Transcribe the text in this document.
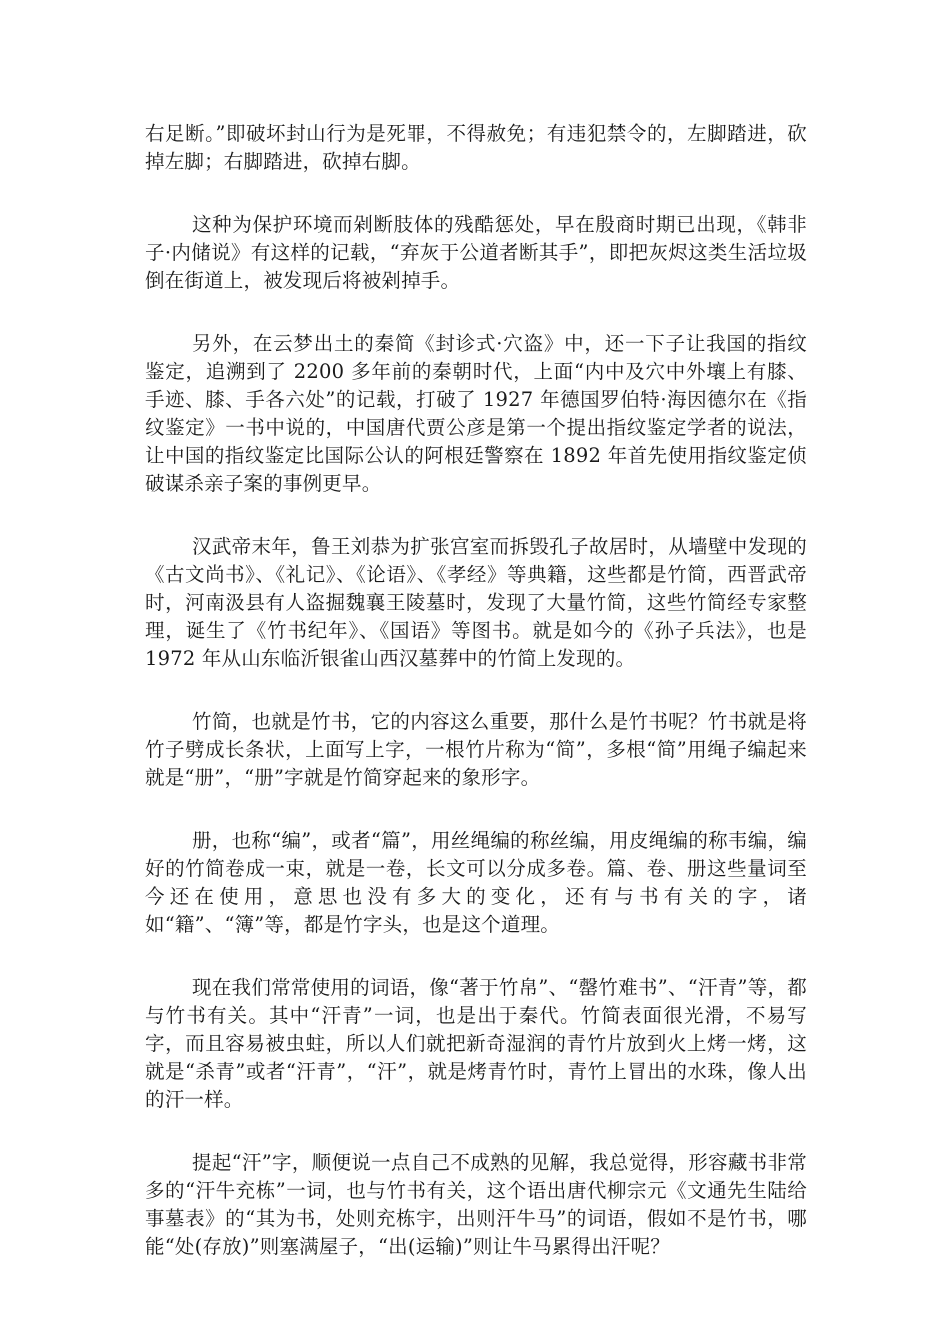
右足断。”即破坏封山行为是死罪，不得赦免；有违犯禁令的，左脚踏进，砍掉左脚；右脚踏进，砍掉右脚。

这种为保护环境而剁断肢体的残酷惩处，早在殷商时期已出现，《韩非子·内储说》有这样的记载，“弃灰于公道者断其手”，即把灰烬这类生活垃圾倒在街道上，被发现后将被剁掉手。

另外，在云梦出土的秦简《封诊式·穴盗》中，还一下子让我国的指纹鉴定，追溯到了 2200 多年前的秦朝时代，上面“内中及穴中外壤上有膝、手迹、膝、手各六处”的记载，打破了 1927 年德国罗伯特·海因德尔在《指纹鉴定》一书中说的，中国唐代贾公彦是第一个提出指纹鉴定学者的说法，让中国的指纹鉴定比国际公认的阿根廷警察在 1892 年首先使用指纹鉴定侦破谋杀亲子案的事例更早。

汉武帝末年，鲁王刘恭为扩张宫室而拆毁孔子故居时，从墙壁中发现的《古文尚书》、《礼记》、《论语》、《孝经》等典籍，这些都是竹简，西晋武帝时，河南汲县有人盗掘魏襄王陵墓时，发现了大量竹简，这些竹简经专家整理，诞生了《竹书纪年》、《国语》等图书。就是如今的《孙子兵法》，也是 1972 年从山东临沂银雀山西汉墓葬中的竹简上发现的。

竹简，也就是竹书，它的内容这么重要，那什么是竹书呢？竹书就是将竹子劈成长条状，上面写上字，一根竹片称为“简”，多根“简”用绳子编起来就是“册”，“册”字就是竹简穿起来的象形字。

册，也称“编”，或者“篇”，用丝绳编的称丝编，用皮绳编的称韦编，编好的竹简卷成一束，就是一卷，长文可以分成多卷。篇、卷、册这些量词至今还在使用，意思也没有多大的变化，还有与书有关的字，诸如“籍”、“簿”等，都是竹字头，也是这个道理。

现在我们常常使用的词语，像“著于竹帛”、“罄竹难书”、“汗青”等，都与竹书有关。其中“汗青”一词，也是出于秦代。竹简表面很光滑，不易写字，而且容易被虫蛀，所以人们就把新奇湿润的青竹片放到火上烤一烤，这就是“杀青”或者“汗青”，“汗”，就是烤青竹时，青竹上冒出的水珠，像人出的汗一样。

提起“汗”字，顺便说一点自己不成熟的见解，我总觉得，形容藏书非常多的“汗牛充栋”一词，也与竹书有关，这个语出唐代柳宗元《文通先生陆给事墓表》的“其为书，处则充栋宇，出则汗牛马”的词语，假如不是竹书，哪能“处(存放)”则塞满屋子，“出(运输)”则让牛马累得出汗呢？
